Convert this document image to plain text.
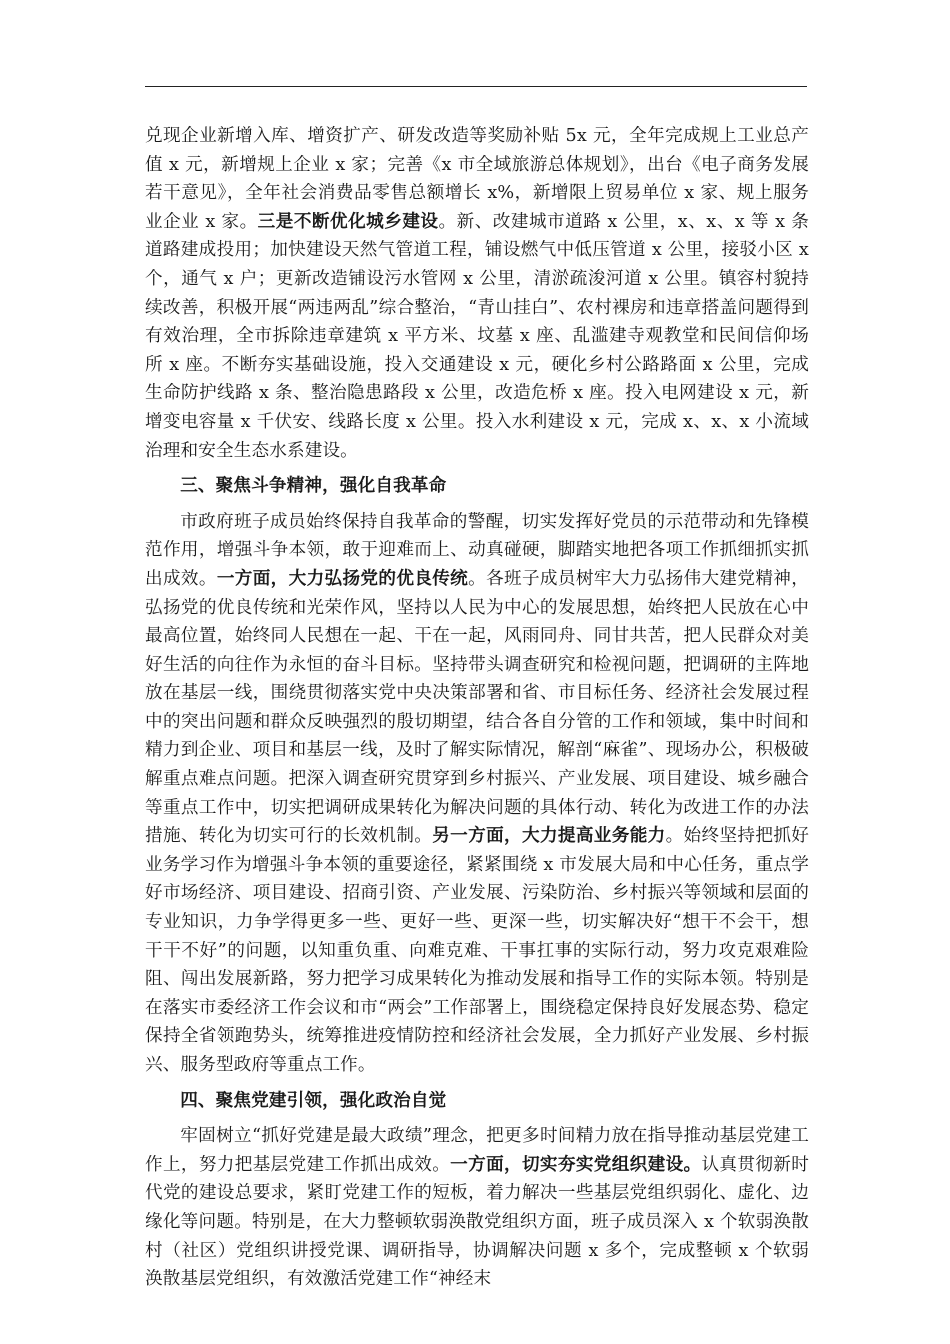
兑现企业新增入库、增资扩产、研发改造等奖励补贴 5x 元，全年完成规上工业总产值 x 元，新增规上企业 x 家；完善《x 市全域旅游总体规划》，出台《电子商务发展若干意见》，全年社会消费品零售总额增长 x%，新增限上贸易单位 x 家、规上服务业企业 x 家。三是不断优化城乡建设。新、改建城市道路 x 公里，x、x、x 等 x 条道路建成投用；加快建设天然气管道工程，铺设燃气中低压管道 x 公里，接驳小区 x 个，通气 x 户；更新改造铺设污水管网 x 公里，清淤疏浚河道 x 公里。镇容村貌持续改善，积极开展“两违两乱”综合整治，“青山挂白”、农村裸房和违章搭盖问题得到有效治理，全市拆除违章建筑 x 平方米、坟墓 x 座、乱滥建寺观教堂和民间信仰场所 x 座。不断夯实基础设施，投入交通建设 x 元，硬化乡村公路路面 x 公里，完成生命防护线路 x 条、整治隐患路段 x 公里，改造危桥 x 座。投入电网建设 x 元，新增变电容量 x 千伏安、线路长度 x 公里。投入水利建设 x 元，完成 x、x、x 小流域治理和安全生态水系建设。

三、聚焦斗争精神，强化自我革命

市政府班子成员始终保持自我革命的警醒，切实发挥好党员的示范带动和先锋模范作用，增强斗争本领，敢于迎难而上、动真碰硬，脚踏实地把各项工作抓细抓实抓出成效。一方面，大力弘扬党的优良传统。各班子成员树牢大力弘扬伟大建党精神，弘扬党的优良传统和光荣作风，坚持以人民为中心的发展思想，始终把人民放在心中最高位置，始终同人民想在一起、干在一起，风雨同舟、同甘共苦，把人民群众对美好生活的向往作为永恒的奋斗目标。坚持带头调查研究和检视问题，把调研的主阵地放在基层一线，围绕贯彻落实党中央决策部署和省、市目标任务、经济社会发展过程中的突出问题和群众反映强烈的殷切期望，结合各自分管的工作和领域，集中时间和精力到企业、项目和基层一线，及时了解实际情况，解剖“麻雀”、现场办公，积极破解重点难点问题。把深入调查研究贯穿到乡村振兴、产业发展、项目建设、城乡融合等重点工作中，切实把调研成果转化为解决问题的具体行动、转化为改进工作的办法措施、转化为切实可行的长效机制。另一方面，大力提高业务能力。始终坚持把抓好业务学习作为增强斗争本领的重要途径，紧紧围绕 x 市发展大局和中心任务，重点学好市场经济、项目建设、招商引资、产业发展、污染防治、乡村振兴等领域和层面的专业知识，力争学得更多一些、更好一些、更深一些，切实解决好“想干不会干，想干干不好”的问题，以知重负重、向难克难、干事扛事的实际行动，努力攻克艰难险阻、闯出发展新路，努力把学习成果转化为推动发展和指导工作的实际本领。特别是在落实市委经济工作会议和市“两会”工作部署上，围绕稳定保持良好发展态势、稳定保持全省领跑势头，统筹推进疫情防控和经济社会发展，全力抓好产业发展、乡村振兴、服务型政府等重点工作。

四、聚焦党建引领，强化政治自觉

牢固树立“抓好党建是最大政绩”理念，把更多时间精力放在指导推动基层党建工作上，努力把基层党建工作抓出成效。一方面，切实夯实党组织建设。认真贯彻新时代党的建设总要求，紧盯党建工作的短板，着力解决一些基层党组织弱化、虚化、边缘化等问题。特别是，在大力整顿软弱涣散党组织方面，班子成员深入 x 个软弱涣散村（社区）党组织讲授党课、调研指导，协调解决问题 x 多个，完成整顿 x 个软弱涣散基层党组织，有效激活党建工作“神经末
